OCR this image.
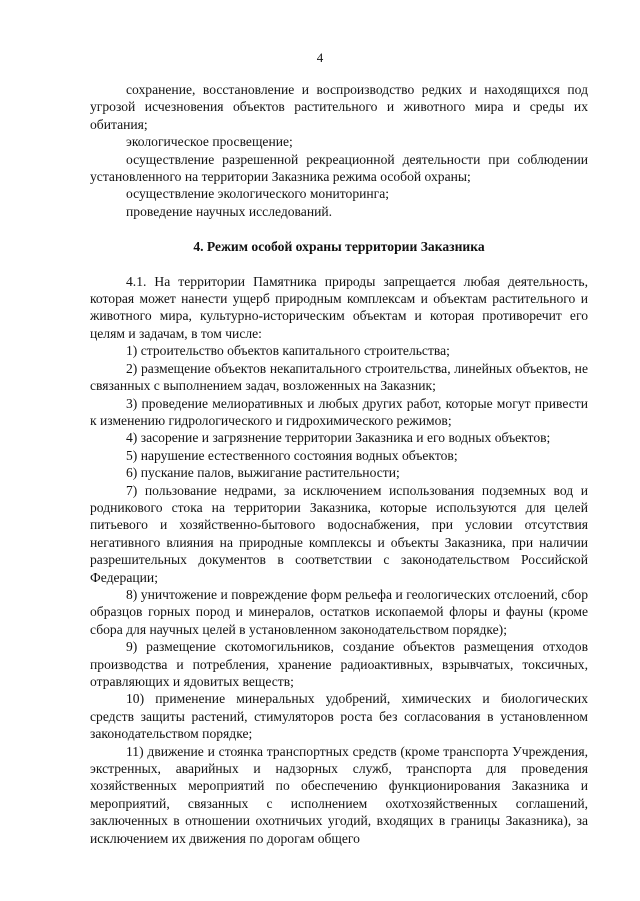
4

сохранение, восстановление и воспроизводство редких и находящихся под угрозой исчезновения объектов растительного и животного мира и среды их обитания;

экологическое просвещение;

осуществление разрешенной рекреационной деятельности при соблюдении установленного на территории Заказника режима особой охраны;

осуществление экологического мониторинга;

проведение научных исследований.

4. Режим особой охраны территории Заказника

4.1. На территории Памятника природы запрещается любая деятельность, которая может нанести ущерб природным комплексам и объектам растительного и животного мира, культурно-историческим объектам и которая противоречит его целям и задачам, в том числе:

1) строительство объектов капитального строительства;

2) размещение объектов некапитального строительства, линейных объектов, не связанных с выполнением задач, возложенных на Заказник;

3) проведение мелиоративных и любых других работ, которые могут привести к изменению гидрологического и гидрохимического режимов;

4) засорение и загрязнение территории Заказника и его водных объектов;

5) нарушение естественного состояния водных объектов;

6) пускание палов, выжигание растительности;

7) пользование недрами, за исключением использования подземных вод и родникового стока на территории Заказника, которые используются для целей питьевого и хозяйственно-бытового водоснабжения, при условии отсутствия негативного влияния на природные комплексы и объекты Заказника, при наличии разрешительных документов в соответствии с законодательством Российской Федерации;

8) уничтожение и повреждение форм рельефа и геологических отслоений, сбор образцов горных пород и минералов, остатков ископаемой флоры и фауны (кроме сбора для научных целей в установленном законодательством порядке);

9) размещение скотомогильников, создание объектов размещения отходов производства и потребления, хранение радиоактивных, взрывчатых, токсичных, отравляющих и ядовитых веществ;

10) применение минеральных удобрений, химических и биологических средств защиты растений, стимуляторов роста без согласования в установленном законодательством порядке;

11) движение и стоянка транспортных средств (кроме транспорта Учреждения, экстренных, аварийных и надзорных служб, транспорта для проведения хозяйственных мероприятий по обеспечению функционирования Заказника и мероприятий, связанных с исполнением охотхозяйственных соглашений, заключенных в отношении охотничьих угодий, входящих в границы Заказника), за исключением их движения по дорогам общего
